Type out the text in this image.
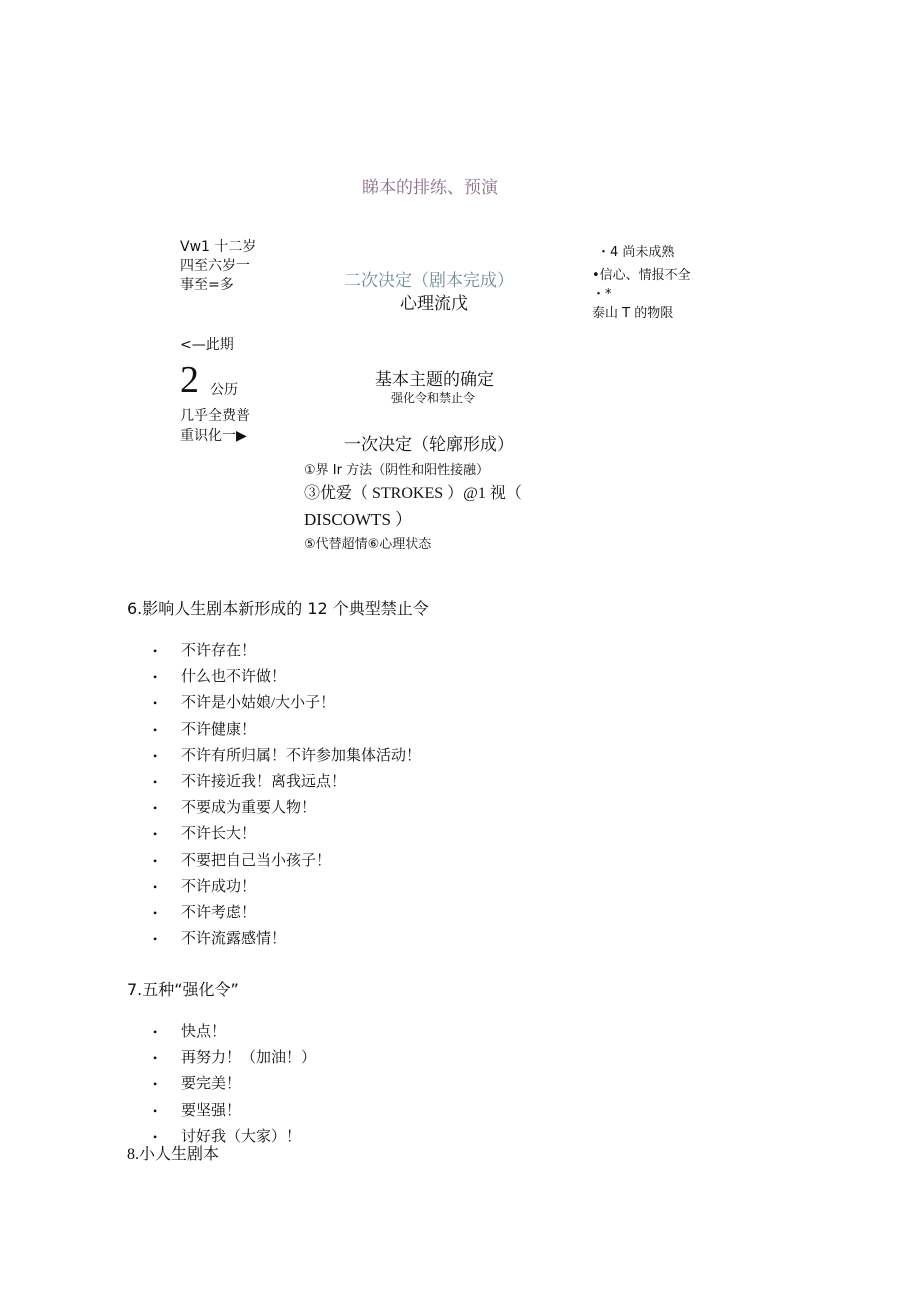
睇本的排练、预演
Vw1 十二岁
四至六岁一
事至=多	二次决定（剧本完成）
心理流戊
・4 尚未成熟
•信心、情报不全
・*
泰山 T 的物限
<—此期
2 公历
几乎全费普
重识化一▶
基本主题的确定
强化令和禁止令
一次决定（轮廓形成）
①界 Ir 方法（阴性和阳性接融）
③优爱（ STROKES ）@1 视（
DISCOWTS ）
⑤代替超情⑥心理状态
6.影响人生剧本新形成的 12 个典型禁止令
• 不许存在！
• 什么也不许做！
• 不许是小姑娘/大小子！
• 不许健康！
• 不许有所归属！不许参加集体活动！
• 不许接近我！离我远点！
• 不要成为重要人物！
• 不许长大！
• 不要把自己当小孩子！
• 不许成功！
• 不许考虑！
• 不许流露感情！
7.五种“强化令”
• 快点！
• 再努力！（加油！）
• 要完美！
• 要坚强！
• 讨好我（大家）！
8.小人生剧本
